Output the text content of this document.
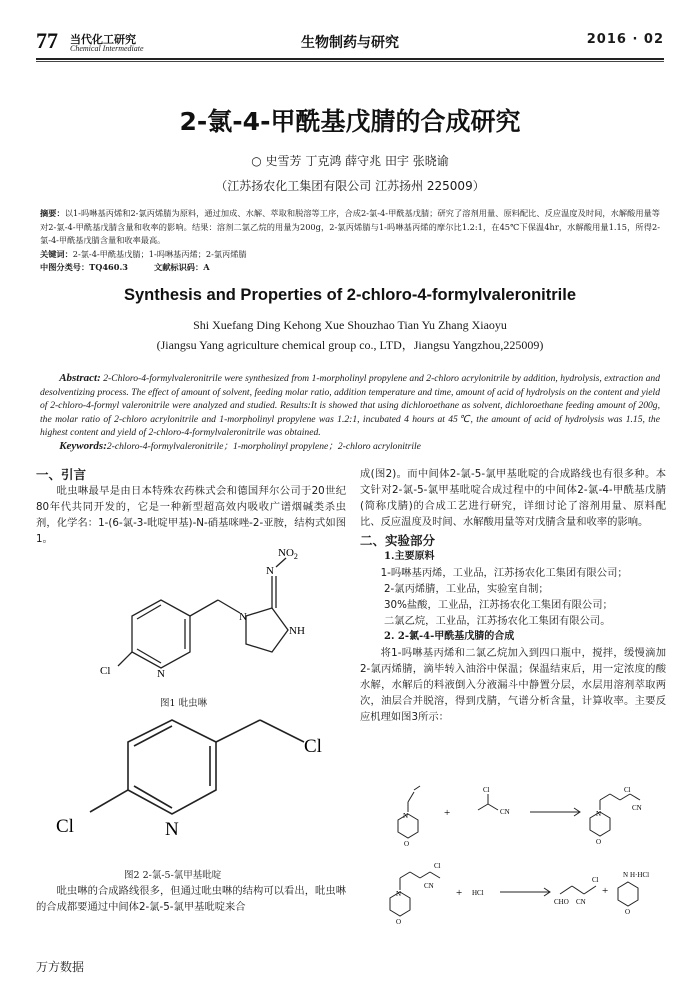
77 当代化工研究
Chemical Intermediate	生物制药与研究	2016 · 02
2-氯-4-甲酰基戊腈的合成研究
○ 史雪芳 丁克鸿 薛守兆 田宇 张晓谕
（江苏扬农化工集团有限公司 江苏扬州 225009）
摘要：以1-吗啉基丙烯和2-氯丙烯腈为原料，通过加成、水解、萃取和脱溶等工序，合成2-氯-4-甲酰基戊腈；研究了溶剂用量、原料配比、反应温度及时间，水解酸用量等对2-氯-4-甲酰基戊腈含量和收率的影响。结果：溶剂二氯乙烷的用量为200g，2-氯丙烯腈与1-吗啉基丙烯的摩尔比1.2:1，在45℃下保温4hr，水解酸用量1.15，所得2-氯-4-甲酰基戊腈含量和收率最高。
关键词：2-氯-4-甲酰基戊腈；1-吗啉基丙烯；2-氯丙烯腈
中图分类号：TQ460.3	文献标识码：A
Synthesis and Properties of 2-chloro-4-formylvaleronitrile
Shi Xuefang Ding Kehong Xue Shouzhao Tian Yu Zhang Xiaoyu
(Jiangsu Yang agriculture chemical group co., LTD，Jiangsu Yangzhou,225009)
Abstract: 2-Chloro-4-formylvaleronitrile were synthesized from 1-morpholinyl propylene and 2-chloro acrylonitrile by addition, hydrolysis, extraction and desolventizing process. The effect of amount of solvent, feeding molar ratio, addition temperature and time, amount of acid of hydrolysis on the content and yield of 2-chloro-4-formyl valeronitrile were analyzed and studied. Results:It is showed that using dichloroethane as solvent, dichloroethane feeding amount of 200g, the molar ratio of 2-chloro acrylonitrile and 1-morpholinyl propylene was 1.2:1, incubated 4 hours at 45℃, the amount of acid of hydrolysis was 1.15, the highest content and yield of 2-chloro-4-formylvaleronitrile was obtained.
Keywords:2-chloro-4-formylvaleronitrile；1-morpholinyl propylene；2-chloro acrylonitrile
一、引言
吡虫啉最早是由日本特殊农药株式会和德国拜尔公司于20世纪80年代共同开发的，它是一种新型超高效内吸收广谱烟碱类杀虫剂，化学名：1-(6-氯-3-吡啶甲基)-N-硝基咪唑-2-亚胺，结构式如图1。
N
$NO_2$
N
NH
N
Cl
图1 吡虫啉
Cl
Cl	N
图2 2-氯-5-氯甲基吡啶
吡虫啉的合成路线很多，但通过吡虫啉的结构可以看出，吡虫啉的合成都要通过中间体2-氯-5-氯甲基吡啶来合
成(图2)。而中间体2-氯-5-氯甲基吡啶的合成路线也有很多种。本文针对2-氯-5-氯甲基吡啶合成过程中的中间体2-氯-4-甲酰基戊腈(简称戊腈)的合成工艺进行研究，详细讨论了溶剂用量、原料配比、反应温度及时间、水解酸用量等对戊腈含量和收率的影响。
二、实验部分
1.主要原料
1-吗啉基丙烯，工业品，江苏扬农化工集团有限公司；
2-氯丙烯腈，工业品，实验室自制；
30%盐酸，工业品，江苏扬农化工集团有限公司；
二氯乙烷，工业品，江苏扬农化工集团有限公司。
2. 2-氯-4-甲酰基戊腈的合成
将1-吗啉基丙烯和二氯乙烷加入到四口瓶中，搅拌，缓慢滴加2-氯丙烯腈，滴毕转入油浴中保温；保温结束后，用一定浓度的酸水解，水解后的料液倒入分液漏斗中静置分层，水层用溶剂萃取两次，油层合并脱溶，得到戊腈，气谱分析含量，计算收率。主要反应机理如图3所示：
N
O
+
Cl
CN	N
O
Cl
CN
N
O
Cl
CN
+ HCl
CHO CN
Cl
+
N H·HCl
O
万方数据
